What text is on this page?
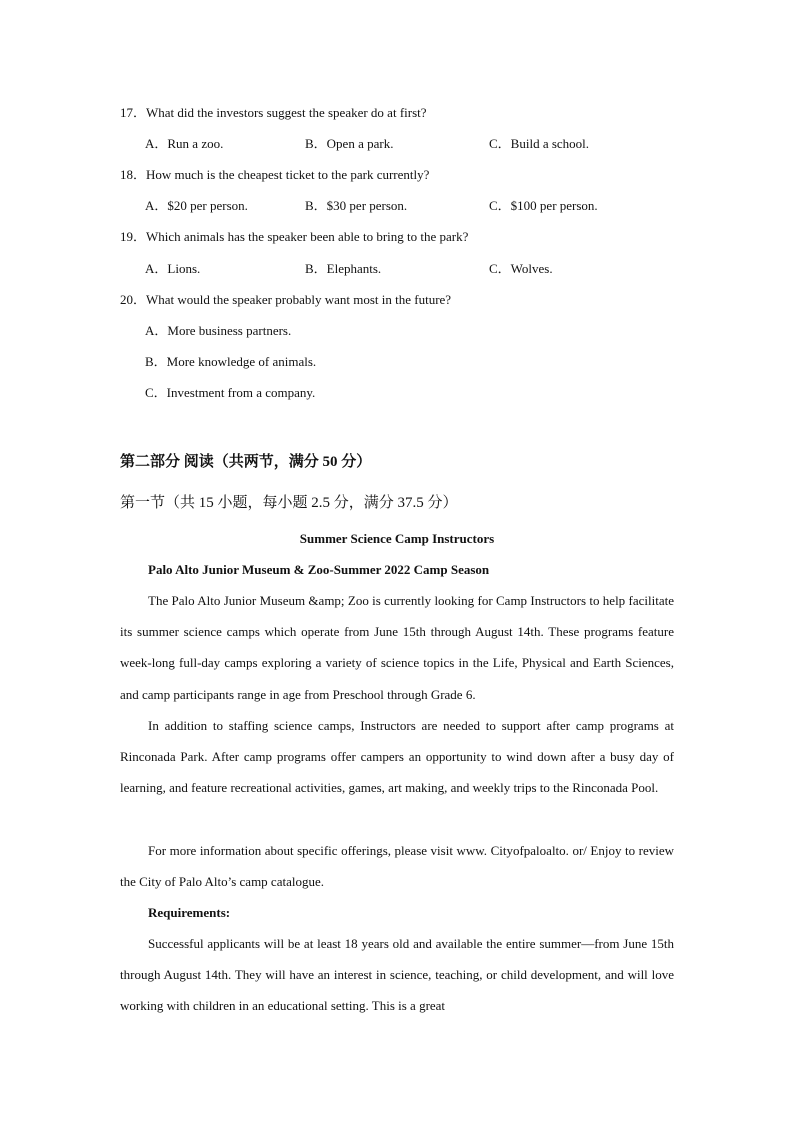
17．What did the investors suggest the speaker do at first?
A．Run a zoo.	B．Open a park.	C．Build a school.
18．How much is the cheapest ticket to the park currently?
A．$20 per person.	B．$30 per person.	C．$100 per person.
19．Which animals has the speaker been able to bring to the park?
A．Lions.	B．Elephants.	C．Wolves.
20．What would the speaker probably want most in the future?
A．More business partners.
B．More knowledge of animals.
C．Investment from a company.
第二部分 阅读（共两节，满分 50 分）
第一节（共 15 小题，每小题 2.5 分，满分 37.5 分）
Summer Science Camp Instructors
Palo Alto Junior Museum & Zoo-Summer 2022 Camp Season

The Palo Alto Junior Museum &amp; Zoo is currently looking for Camp Instructors to help facilitate its summer science camps which operate from June 15th through August 14th. These programs feature week-long full-day camps exploring a variety of science topics in the Life, Physical and Earth Sciences, and camp participants range in age from Preschool through Grade 6.

In addition to staffing science camps, Instructors are needed to support after camp programs at Rinconada Park. After camp programs offer campers an opportunity to wind down after a busy day of learning, and feature recreational activities, games, art making, and weekly trips to the Rinconada Pool.

For more information about specific offerings, please visit www. Cityofpaloalto. or/ Enjoy to review the City of Palo Alto’s camp catalogue.

Requirements:

Successful applicants will be at least 18 years old and available the entire summer—from June 15th through August 14th. They will have an interest in science, teaching, or child development, and will love working with children in an educational setting. This is a great
